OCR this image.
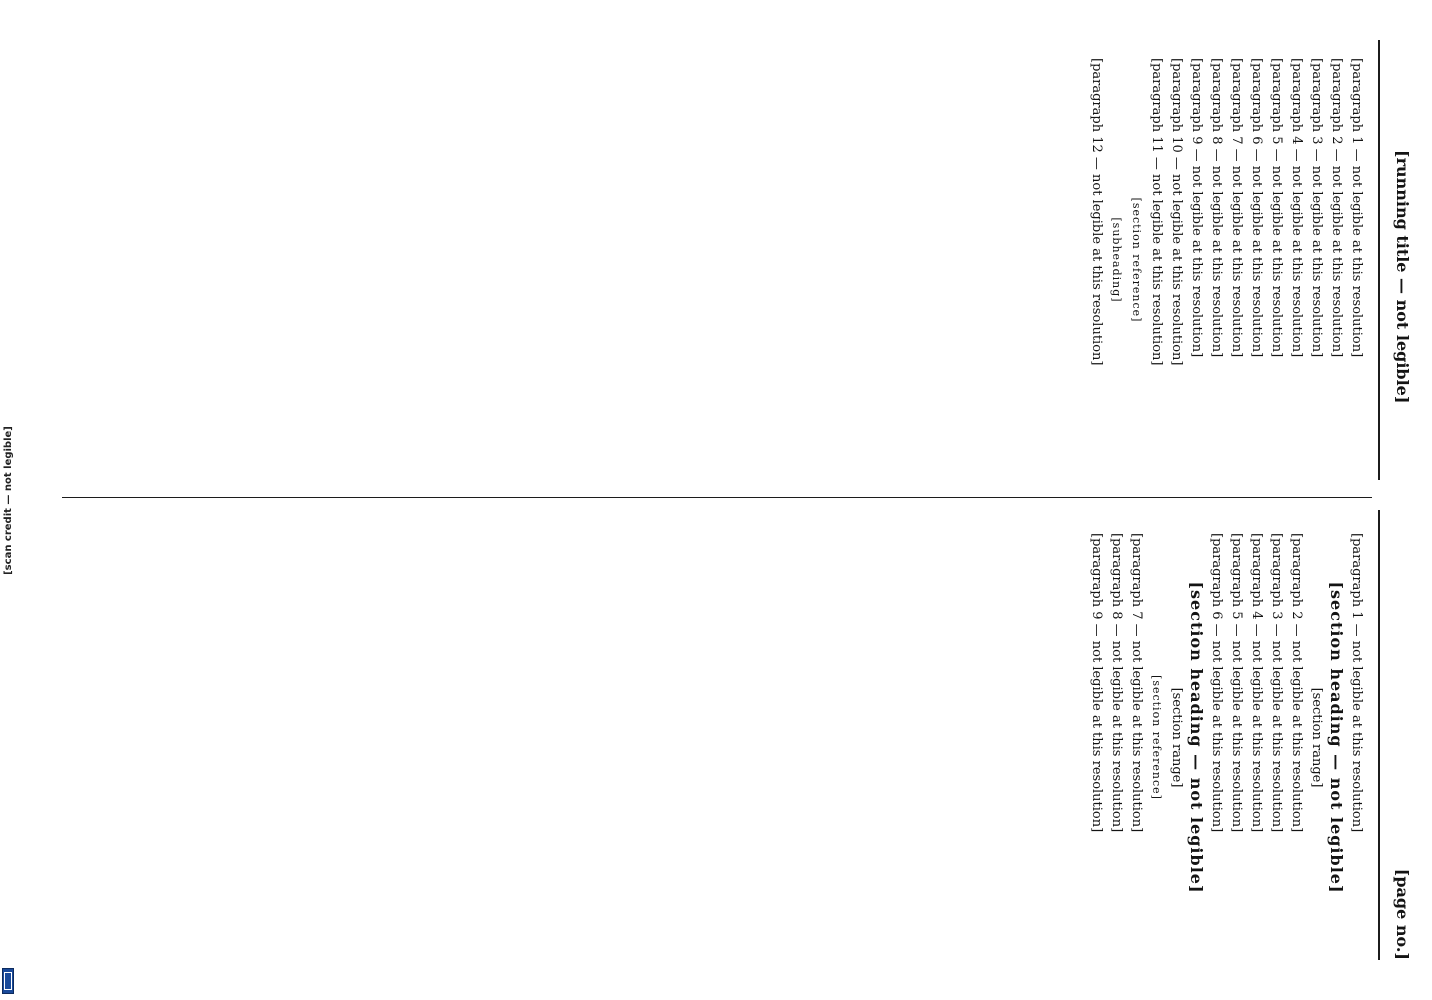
[running title — not legible]
[page no.]

[paragraph 1 — not legible at this resolution]

[paragraph 2 — not legible at this resolution]

[paragraph 3 — not legible at this resolution]

[paragraph 4 — not legible at this resolution]

[paragraph 5 — not legible at this resolution]

[paragraph 6 — not legible at this resolution]

[paragraph 7 — not legible at this resolution]

[paragraph 8 — not legible at this resolution]

[paragraph 9 — not legible at this resolution]

[paragraph 10 — not legible at this resolution]

[paragraph 11 — not legible at this resolution]

[section reference]

[subheading]

[paragraph 12 — not legible at this resolution]

[paragraph 1 — not legible at this resolution]

[section heading — not legible]

[section range]

[paragraph 2 — not legible at this resolution]

[paragraph 3 — not legible at this resolution]

[paragraph 4 — not legible at this resolution]

[paragraph 5 — not legible at this resolution]

[paragraph 6 — not legible at this resolution]

[section heading — not legible]

[section range]

[section reference]

[paragraph 7 — not legible at this resolution]

[paragraph 8 — not legible at this resolution]

[paragraph 9 — not legible at this resolution]

[scan credit — not legible]
